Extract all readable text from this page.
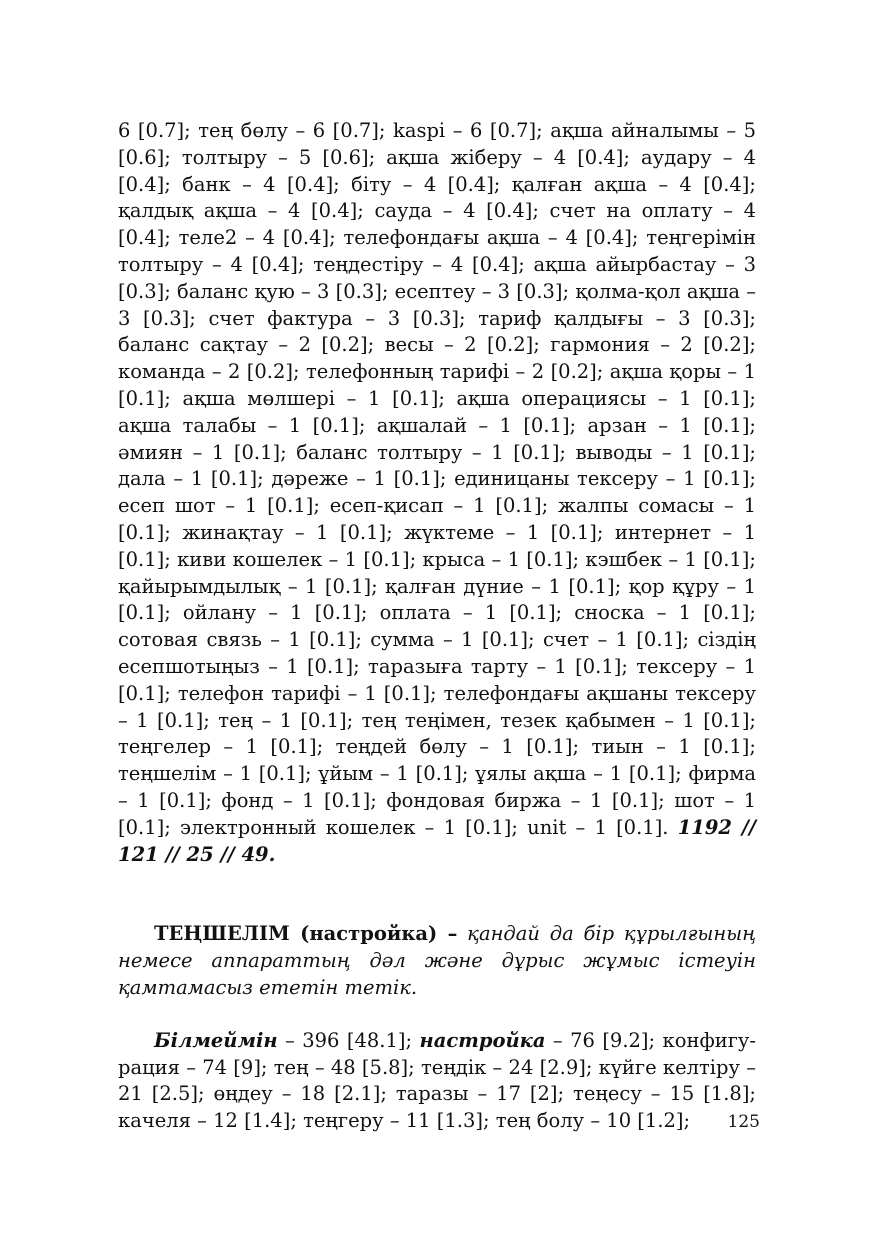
6 [0.7]; тең бөлу – 6 [0.7]; kaspi – 6 [0.7]; ақша айналымы – 5 [0.6]; толтыру – 5 [0.6]; ақша жіберу – 4 [0.4]; аудару – 4 [0.4]; банк – 4 [0.4]; біту – 4 [0.4]; қалған ақша – 4 [0.4]; қалдық ақша – 4 [0.4]; сауда – 4 [0.4]; счет на оплату – 4 [0.4]; теле2 – 4 [0.4]; телефондағы ақша – 4 [0.4]; теңгерімін толтыру – 4 [0.4]; теңдестіру – 4 [0.4]; ақша айырбастау – 3 [0.3]; баланс қую – 3 [0.3]; есептеу – 3 [0.3]; қолма-қол ақша – 3 [0.3]; счет фактура – 3 [0.3]; тариф қалдығы – 3 [0.3]; баланс сақтау – 2 [0.2]; весы – 2 [0.2]; гармония – 2 [0.2]; команда – 2 [0.2]; телефонның тарифі – 2 [0.2]; ақша қоры – 1 [0.1]; ақша мөлшері – 1 [0.1]; ақша операциясы – 1 [0.1]; ақша талабы – 1 [0.1]; ақшалай – 1 [0.1]; арзан – 1 [0.1]; әмиян – 1 [0.1]; баланс толтыру – 1 [0.1]; выводы – 1 [0.1]; дала – 1 [0.1]; дәреже – 1 [0.1]; единицаны тексеру – 1 [0.1]; есеп шот – 1 [0.1]; есеп-қисап – 1 [0.1]; жалпы сомасы – 1 [0.1]; жинақтау – 1 [0.1]; жүктеме – 1 [0.1]; интернет – 1 [0.1]; киви кошелек – 1 [0.1]; крыса – 1 [0.1]; кэшбек – 1 [0.1]; қайырымдылық – 1 [0.1]; қалған дүние – 1 [0.1]; қор құру – 1 [0.1]; ойлану – 1 [0.1]; оплата – 1 [0.1]; сноска – 1 [0.1]; сотовая связь – 1 [0.1]; сумма – 1 [0.1]; счет – 1 [0.1]; сіздің есепшотыңыз – 1 [0.1]; таразыға тарту – 1 [0.1]; тексеру – 1 [0.1]; телефон тарифі – 1 [0.1]; телефондағы ақшаны тексеру – 1 [0.1]; тең – 1 [0.1]; тең теңімен, тезек қабымен – 1 [0.1]; теңгелер – 1 [0.1]; теңдей бөлу – 1 [0.1]; тиын – 1 [0.1]; теңшелім – 1 [0.1]; ұйым – 1 [0.1]; ұялы ақша – 1 [0.1]; фирма – 1 [0.1]; фонд – 1 [0.1]; фондовая биржа – 1 [0.1]; шот – 1 [0.1]; электронный кошелек – 1 [0.1]; unit – 1 [0.1]. 1192 // 121 // 25 // 49.

ТЕҢШЕЛІМ (настройка) – қандай да бір құрылғының немесе аппараттың дәл және дұрыс жұмыс істеуін қамтамасыз ететін тетік.

Білмеймін – 396 [48.1]; настройка – 76 [9.2]; конфигурация – 74 [9]; тең – 48 [5.8]; теңдік – 24 [2.9]; күйге келтіру – 21 [2.5]; өңдеу – 18 [2.1]; таразы – 17 [2]; теңесу – 15 [1.8]; качеля – 12 [1.4]; теңгеру – 11 [1.3]; тең болу – 10 [1.2];	125
